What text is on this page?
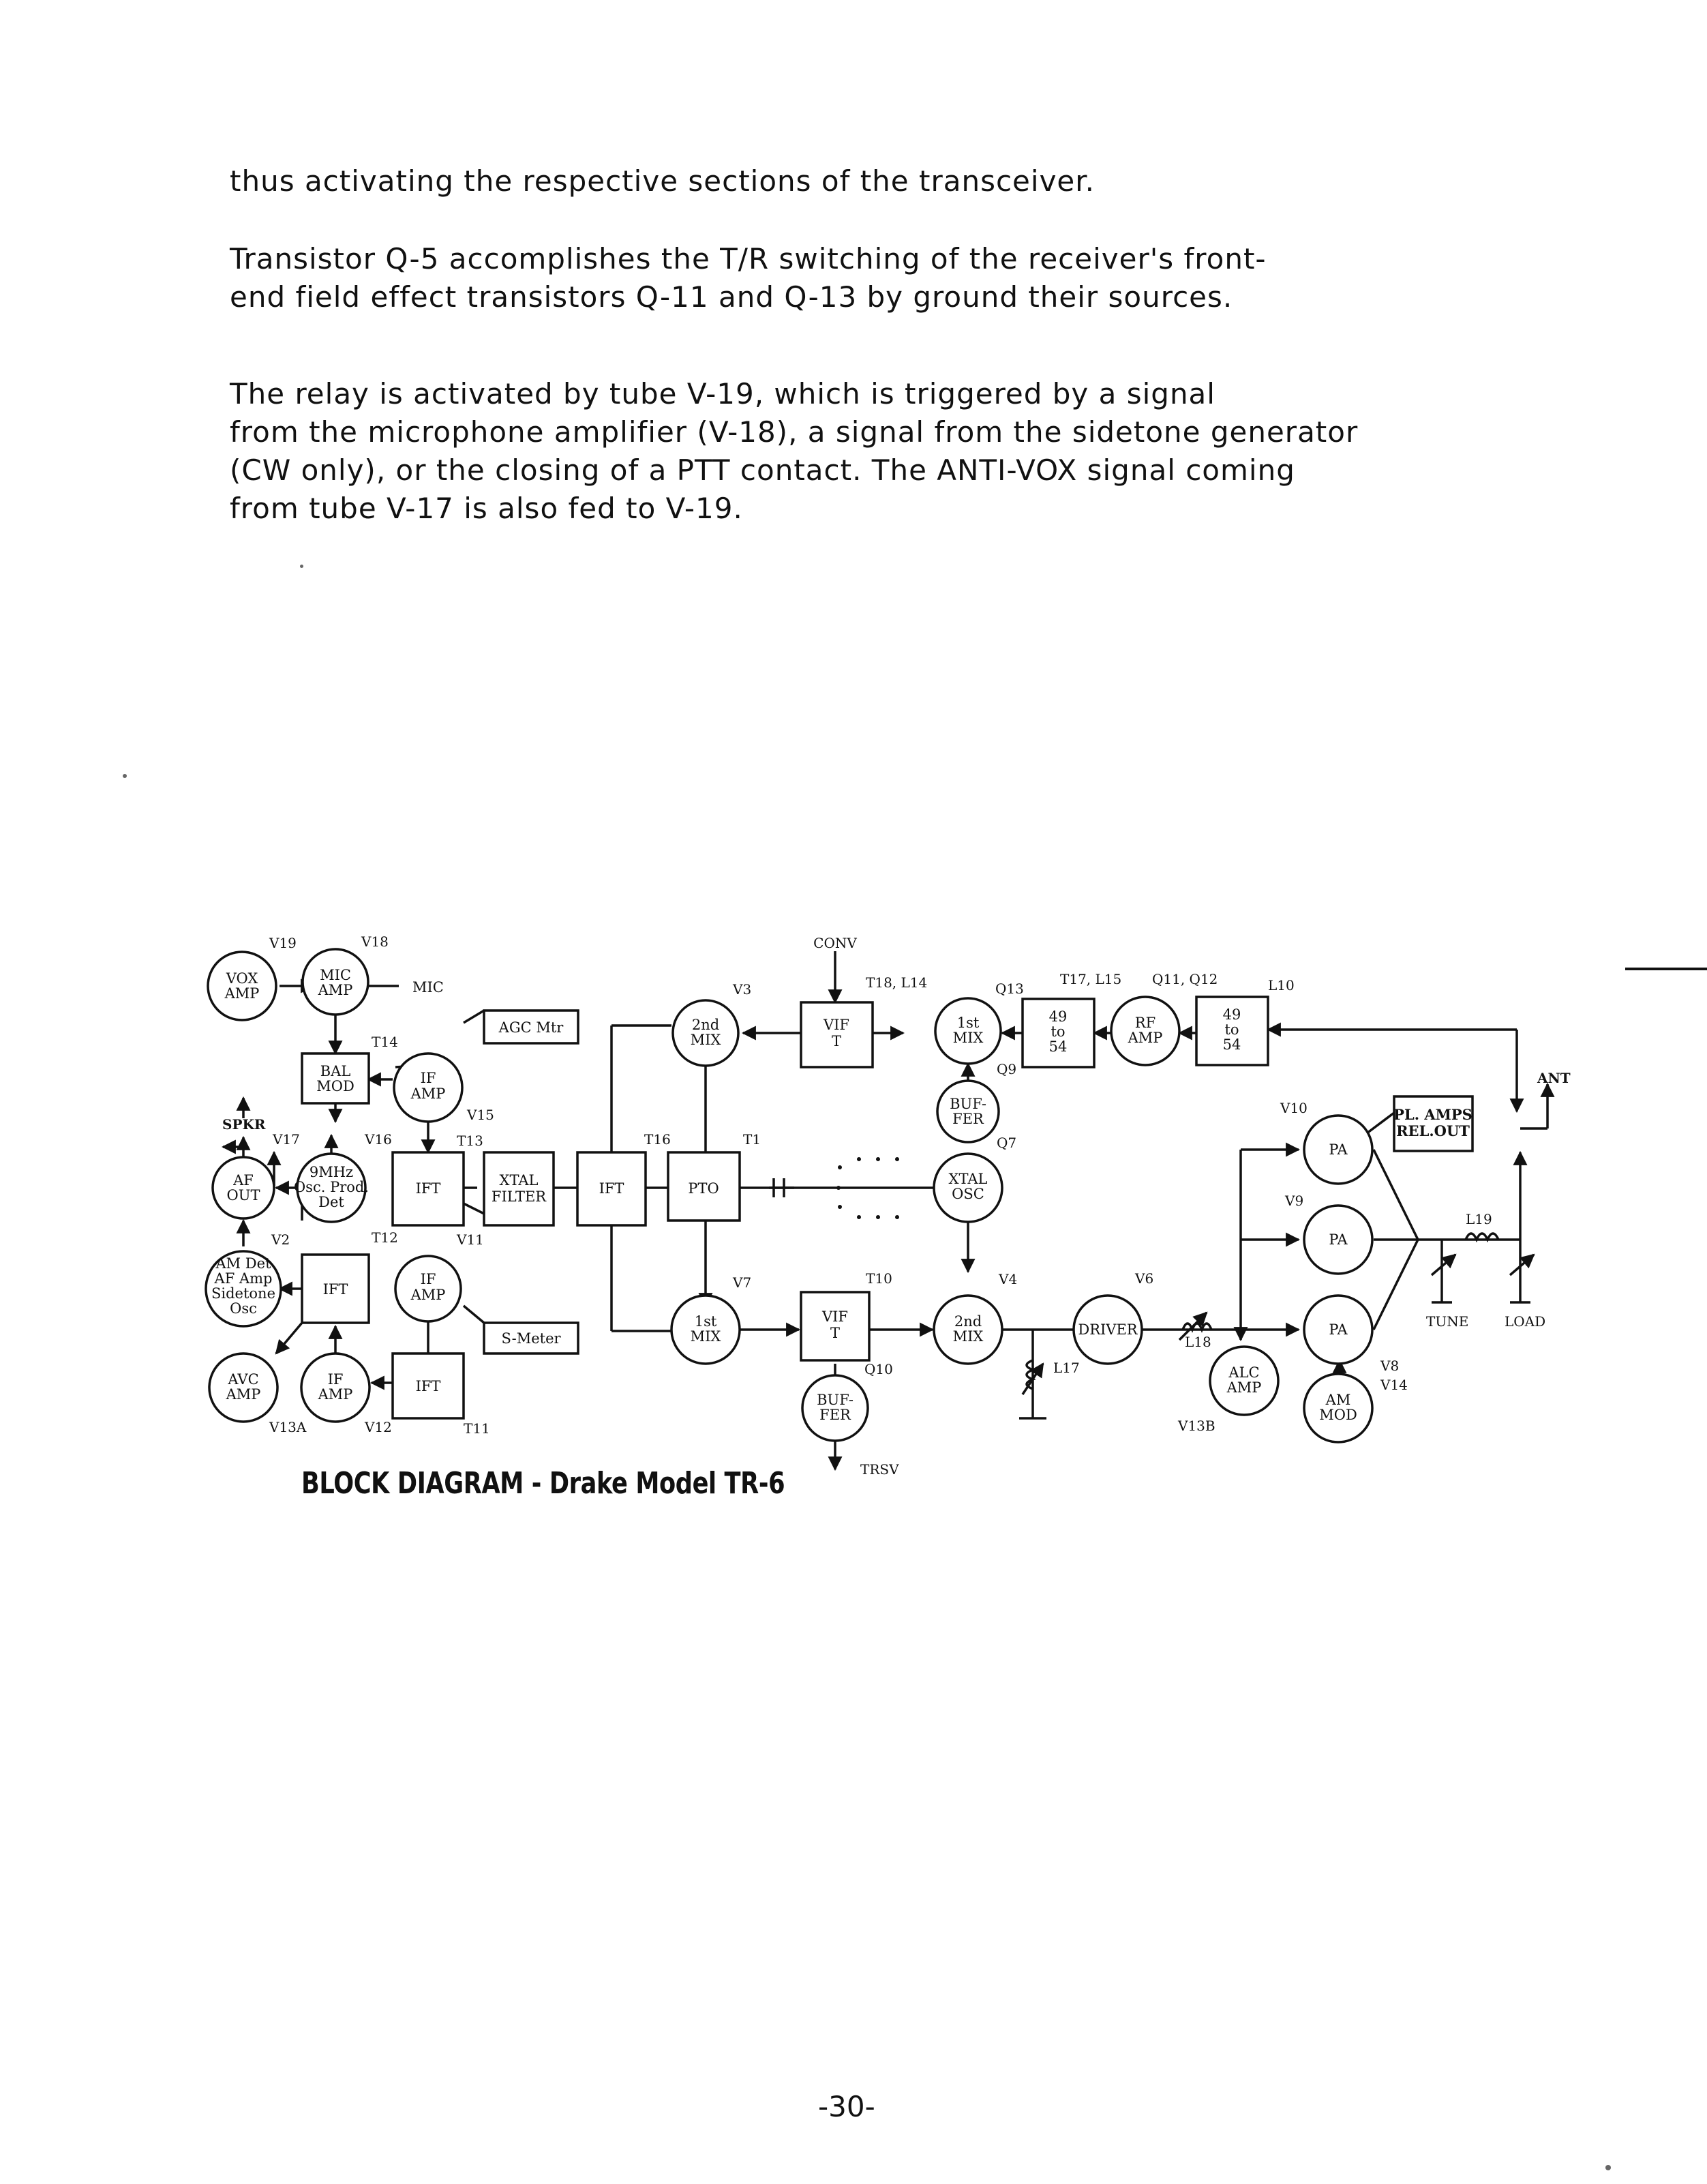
thus activating the respective sections of the transceiver.

Transistor Q-5 accomplishes the T/R switching of the receiver's front-
end field effect transistors Q-11 and Q-13 by ground their sources.

The relay is activated by tube V-19, which is triggered by a signal
from the microphone amplifier (V-18), a signal from the sidetone generator
(CW only), or the closing of a PTT contact. The ANTI-VOX signal coming
from tube V-17 is also fed to V-19.

VOX
AMP
V19
MIC
AMP
V18
MIC
BAL
MOD
T14
IF
AMP
V15
AGC Mtr
SPKR
V17
AF
OUT
V16
9MHz
Osc. Prod.
Det
IFT
T13
XTAL
FILTER	IFT
T16
PTO
T1
AM Det
AF Amp
Sidetone
Osc
V2
IFT
T12
IF
AMP
V11
S-Meter
AVC
AMP
V13A
IF
AMP
V12
IFT
T11
CONV
2nd
MIX
V3
VIF
T
T18, L14
1st
MIX
Q13
49
to
54
T17, L15
RF
AMP
Q11, Q12
49
to
54
L10
ANT
BUF-
FER
Q9
XTAL
OSC
Q7
1st
MIX
V7
VIF
T
T10
Q10
BUF-
FER
TRSV
2nd
MIX
V4
L17
DRIVER
V6
L18
ALC
AMP
V13B
PA
V10
PA
V9
PA
V8
V14
AM
MOD
PL. AMPS
REL.OUT
L19
TUNE	LOAD

BLOCK DIAGRAM - Drake Model TR-6

-30-
